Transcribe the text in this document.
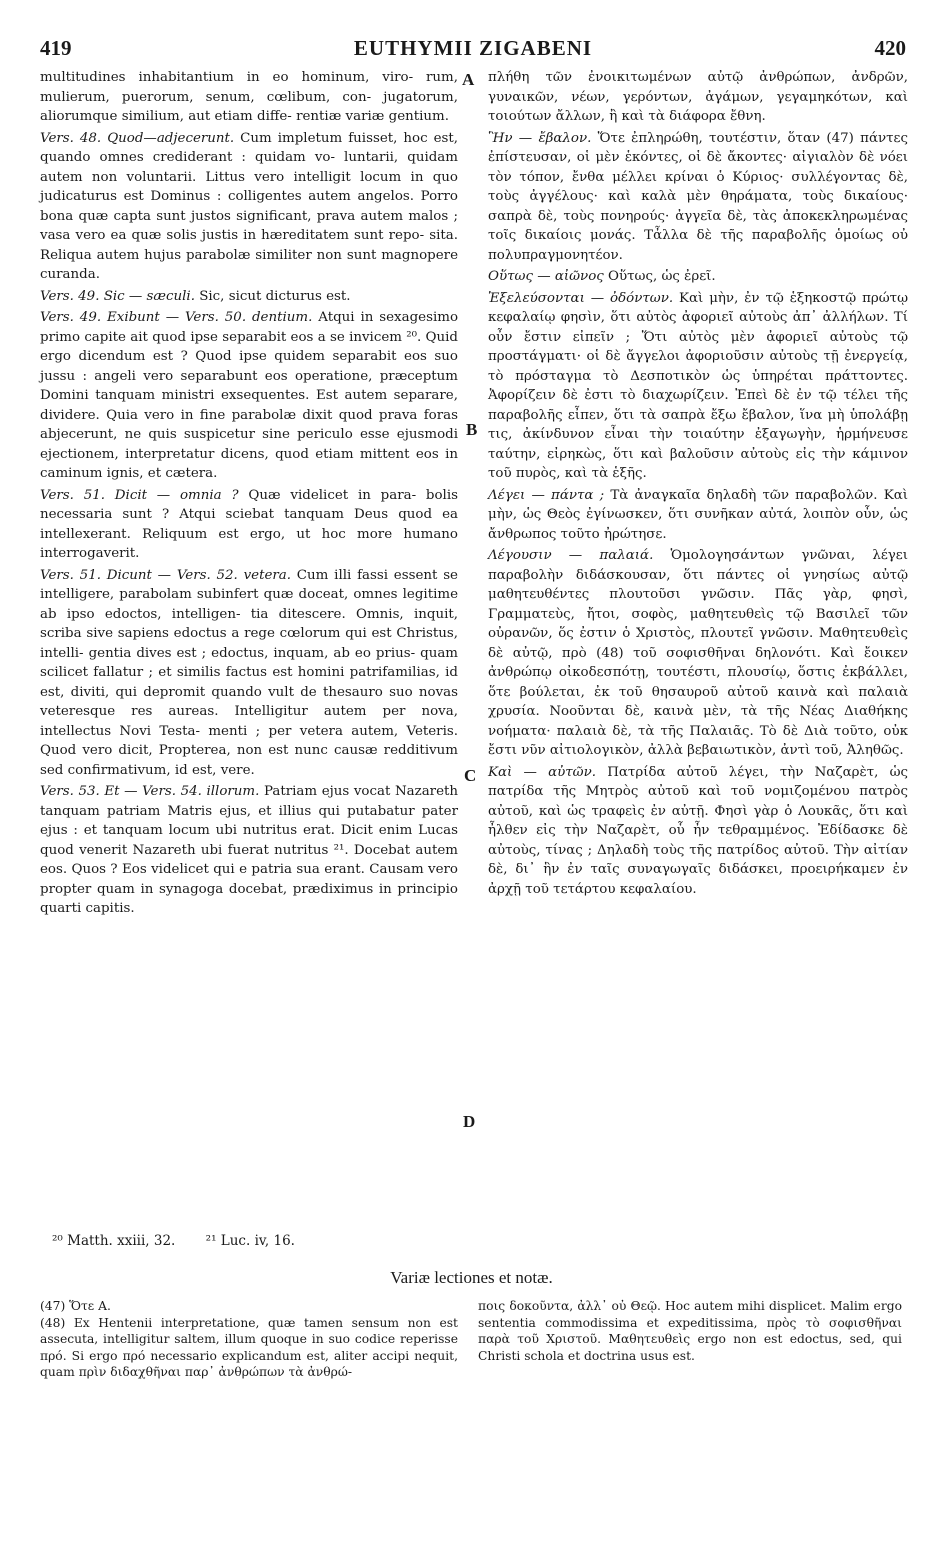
419	EUTHYMII ZIGABENI	420

multitudines inhabitantium in eo hominum, viro- rum, mulierum, puerorum, senum, cœlibum, con- jugatorum, aliorumque similium, aut etiam diffe- rentiæ variæ gentium.

Vers. 48. Quod—adjecerunt. Cum impletum fuisset, hoc est, quando omnes crediderant : quidam vo- luntarii, quidam autem non voluntarii. Littus vero intelligit locum in quo judicaturus est Dominus : colligentes autem angelos. Porro bona quæ capta sunt justos significant, prava autem malos ; vasa vero ea quæ solis justis in hæreditatem sunt repo- sita. Reliqua autem hujus parabolæ similiter non sunt magnopere curanda.

Vers. 49. Sic — sæculi. Sic, sicut dicturus est.

Vers. 49. Exibunt — Vers. 50. dentium. Atqui in sexagesimo primo capite ait quod ipse separabit eos a se invicem ²⁰. Quid ergo dicendum est ? Quod ipse quidem separabit eos suo jussu : angeli vero separabunt eos operatione, præceptum Domini tanquam ministri exsequentes. Est autem separare, dividere. Quia vero in fine parabolæ dixit quod prava foras abjecerunt, ne quis suspicetur sine periculo esse ejusmodi ejectionem, interpretatur dicens, quod etiam mittent eos in caminum ignis, et cætera.

Vers. 51. Dicit — omnia ? Quæ videlicet in para- bolis necessaria sunt ? Atqui sciebat tanquam Deus quod ea intellexerant. Reliquum est ergo, ut hoc more humano interrogaverit.

Vers. 51. Dicunt — Vers. 52. vetera. Cum illi fassi essent se intelligere, parabolam subinfert quæ doceat, omnes legitime ab ipso edoctos, intelligen- tia ditescere. Omnis, inquit, scriba sive sapiens edoctus a rege cœlorum qui est Christus, intelli- gentia dives est ; edoctus, inquam, ab eo prius- quam scilicet fallatur ; et similis factus est homini patrifamilias, id est, diviti, qui depromit quando vult de thesauro suo novas veteresque res aureas. Intelligitur autem per nova, intellectus Novi Testa- menti ; per vetera autem, Veteris. Quod vero dicit, Propterea, non est nunc causæ redditivum sed confirmativum, id est, vere.

Vers. 53. Et — Vers. 54. illorum. Patriam ejus vocat Nazareth tanquam patriam Matris ejus, et illius qui putabatur pater ejus : et tanquam locum ubi nutritus erat. Dicit enim Lucas quod venerit Nazareth ubi fuerat nutritus ²¹. Docebat autem eos. Quos ? Eos videlicet qui e patria sua erant. Causam vero propter quam in synagoga docebat, prædiximus in principio quarti capitis.

A
B
C
D

πλήθη τῶν ἐνοικιτωμένων αὐτῷ ἀνθρώπων, ἀνδρῶν, γυναικῶν, νέων, γερόντων, ἀγάμων, γεγαμηκότων, καὶ τοιούτων ἄλλων, ἢ καὶ τὰ διάφορα ἔθνη.

Ἣν — ἔβαλον. Ὅτε ἐπληρώθη, τουτέστιν, ὅταν (47) πάντες ἐπίστευσαν, οἱ μὲν ἑκόντες, οἱ δὲ ἄκοντες· αἰγιαλὸν δὲ νόει τὸν τόπον, ἔνθα μέλλει κρίναι ὁ Κύριος· συλλέγοντας δὲ, τοὺς ἀγγέλους· καὶ καλὰ μὲν θηράματα, τοὺς δικαίους· σαπρὰ δὲ, τοὺς πονηρούς· ἀγγεῖα δὲ, τὰς ἀποκεκληρωμένας τοῖς δικαίοις μονάς. Τἆλλα δὲ τῆς παραβολῆς ὁμοίως οὐ πολυπραγμονητέον.

Οὕτως — αἰῶνος Οὕτως, ὡς ἐρεῖ.

Ἐξελεύσονται — ὀδόντων. Καὶ μὴν, ἐν τῷ ἑξηκοστῷ πρώτῳ κεφαλαίῳ φησὶν, ὅτι αὐτὸς ἀφοριεῖ αὐτοὺς ἀπ᾽ ἀλλήλων. Τί οὖν ἔστιν εἰπεῖν ; Ὅτι αὐτὸς μὲν ἀφοριεῖ αὐτοὺς τῷ προστάγματι· οἱ δὲ ἄγγελοι ἀφοριοῦσιν αὐτοὺς τῇ ἐνεργείᾳ, τὸ πρόσταγμα τὸ Δεσποτικὸν ὡς ὑπηρέται πράττοντες. Ἀφορίζειν δὲ ἐστι τὸ διαχωρίζειν. Ἐπεὶ δὲ ἐν τῷ τέλει τῆς παραβολῆς εἶπεν, ὅτι τὰ σαπρὰ ἔξω ἔβαλον, ἵνα μὴ ὑπολάβῃ τις, ἀκίνδυνον εἶναι τὴν τοιαύτην ἐξαγωγὴν, ἡρμήνευσε ταύτην, εἰρηκὼς, ὅτι καὶ βαλοῦσιν αὐτοὺς εἰς τὴν κάμινον τοῦ πυρὸς, καὶ τὰ ἑξῆς.

Λέγει — πάντα ; Τὰ ἀναγκαῖα δηλαδὴ τῶν παραβολῶν. Καὶ μὴν, ὡς Θεὸς ἐγίνωσκεν, ὅτι συνῆκαν αὐτά, λοιπὸν οὖν, ὡς ἄνθρωπος τοῦτο ἠρώτησε.

Λέγουσιν — παλαιά. Ὁμολογησάντων γνῶναι, λέγει παραβολὴν διδάσκουσαν, ὅτι πάντες οἱ γνησίως αὐτῷ μαθητευθέντες πλουτοῦσι γνῶσιν. Πᾶς γὰρ, φησὶ, Γραμματεὺς, ἤτοι, σοφὸς, μαθητευθεὶς τῷ Βασιλεῖ τῶν οὐρανῶν, ὅς ἐστιν ὁ Χριστὸς, πλουτεῖ γνῶσιν. Μαθητευθεὶς δὲ αὐτῷ, πρὸ (48) τοῦ σοφισθῆναι δηλονότι. Καὶ ἔοικεν ἀνθρώπῳ οἰκοδεσπότῃ, τουτέστι, πλουσίῳ, ὅστις ἐκβάλλει, ὅτε βούλεται, ἐκ τοῦ θησαυροῦ αὐτοῦ καινὰ καὶ παλαιὰ χρυσία. Νοοῦνται δὲ, καινὰ μὲν, τὰ τῆς Νέας Διαθήκης νοήματα· παλαιὰ δὲ, τὰ τῆς Παλαιᾶς. Τὸ δὲ Διὰ τοῦτο, οὐκ ἔστι νῦν αἰτιολογικὸν, ἀλλὰ βεβαιωτικὸν, ἀντὶ τοῦ, Ἀληθῶς.

Καὶ — αὐτῶν. Πατρίδα αὐτοῦ λέγει, τὴν Ναζαρὲτ, ὡς πατρίδα τῆς Μητρὸς αὐτοῦ καὶ τοῦ νομιζομένου πατρὸς αὐτοῦ, καὶ ὡς τραφεὶς ἐν αὐτῇ. Φησὶ γὰρ ὁ Λουκᾶς, ὅτι καὶ ἦλθεν εἰς τὴν Ναζαρὲτ, οὗ ἦν τεθραμμένος. Ἐδίδασκε δὲ αὐτοὺς, τίνας ; Δηλαδὴ τοὺς τῆς πατρίδος αὐτοῦ. Τὴν αἰτίαν δὲ, δι᾽ ἣν ἐν ταῖς συναγωγαῖς διδάσκει, προειρήκαμεν ἐν ἀρχῇ τοῦ τετάρτου κεφαλαίου.

²⁰ Matth. xxiii, 32. ²¹ Luc. iv, 16.
Variæ lectiones et notæ.
(47) Ὅτε A.
(48) Ex Hentenii interpretatione, quæ tamen sensum non est assecuta, intelligitur saltem, illum quoque in suo codice reperisse πρό. Si ergo πρό necessario explicandum est, aliter accipi nequit, quam πρὶν διδαχθῆναι παρ᾽ ἀνθρώπων τὰ ἀνθρώ-
ποις δοκοῦντα, ἀλλ᾽ οὐ Θεῷ. Hoc autem mihi displicet. Malim ergo sententia commodissima et expeditissima, πρὸς τὸ σοφισθῆναι παρὰ τοῦ Χριστοῦ. Μαθητευθεὶς ergo non est edoctus, sed, qui Christi schola et doctrina usus est.
